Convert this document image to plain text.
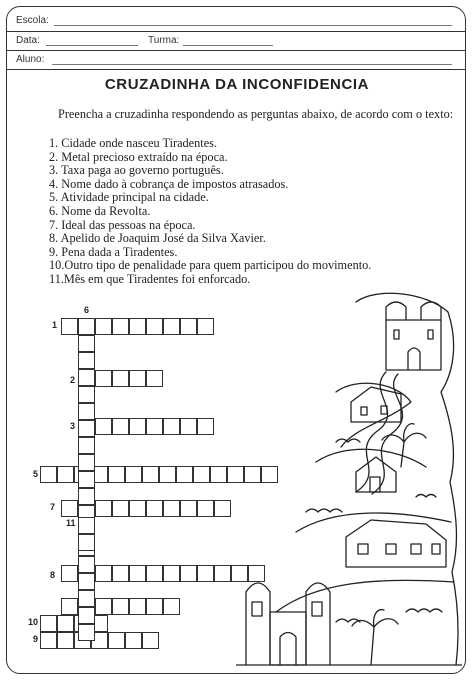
Escola:
Data:	Turma:
Aluno:
CRUZADINHA DA INCONFIDENCIA

Preencha a cruzadinha respondendo as perguntas abaixo, de acordo com o texto:

1. Cidade onde nasceu Tiradentes.
2. Metal precioso extraído na época.
3. Taxa paga ao governo português.
4. Nome dado à cobrança de impostos atrasados.
5. Atividade principal na cidade.
6. Nome da Revolta.
7. Ideal das pessoas na época.
8. Apelido de Joaquim José da Silva Xavier.
9. Pena dada a Tiradentes.
10.Outro tipo de penalidade para quem participou do movimento.
11.Mês em que Tiradentes foi enforcado.
1
2
3
5
6
7
8
9
10
11
